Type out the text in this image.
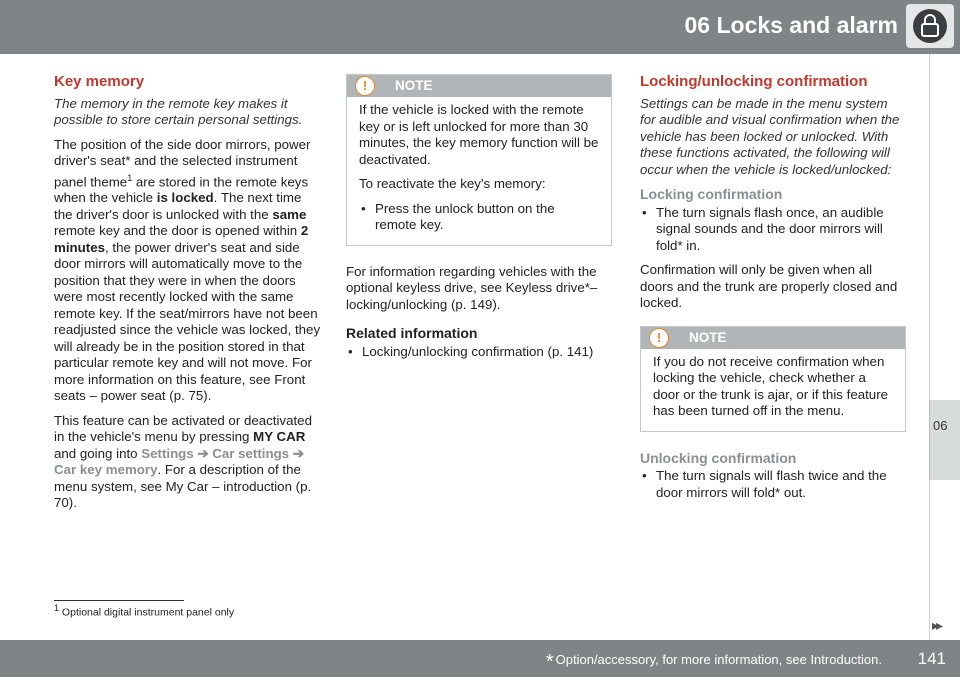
06 Locks and alarm
06
Key memory

The memory in the remote key makes it possible to store certain personal settings.

The position of the side door mirrors, power driver's seat* and the selected instrument panel theme$^1$ are stored in the remote keys when the vehicle is locked. The next time the driver's door is unlocked with the same remote key and the door is opened within 2 minutes, the power driver's seat and side door mirrors will automatically move to the position that they were in when the doors were most recently locked with the same remote key. If the seat/mirrors have not been readjusted since the vehicle was locked, they will already be in the position stored in that particular remote key and will not move. For more information on this feature, see Front seats – power seat (p. 75).

This feature can be activated or deactivated in the vehicle's menu by pressing MY CAR and going into Settings ➔ Car settings ➔ Car key memory. For a description of the menu system, see My Car – introduction (p. 70).

!	NOTE

If the vehicle is locked with the remote key or is left unlocked for more than 30 minutes, the key memory function will be deactivated.

To reactivate the key's memory:

• Press the unlock button on the remote key.

For information regarding vehicles with the optional keyless drive, see Keyless drive*– locking/unlocking (p. 149).

Related information
• Locking/unlocking confirmation (p. 141)
Locking/unlocking confirmation

Settings can be made in the menu system for audible and visual confirmation when the vehicle has been locked or unlocked. With these functions activated, the following will occur when the vehicle is locked/unlocked:

Locking confirmation
• The turn signals flash once, an audible signal sounds and the door mirrors will fold* in.

Confirmation will only be given when all doors and the trunk are properly closed and locked.

!	NOTE

If you do not receive confirmation when locking the vehicle, check whether a door or the trunk is ajar, or if this feature has been turned off in the menu.

Unlocking confirmation
• The turn signals will flash twice and the door mirrors will fold* out.
$^1$ Optional digital instrument panel only
▸▸
* Option/accessory, for more information, see Introduction. 141
